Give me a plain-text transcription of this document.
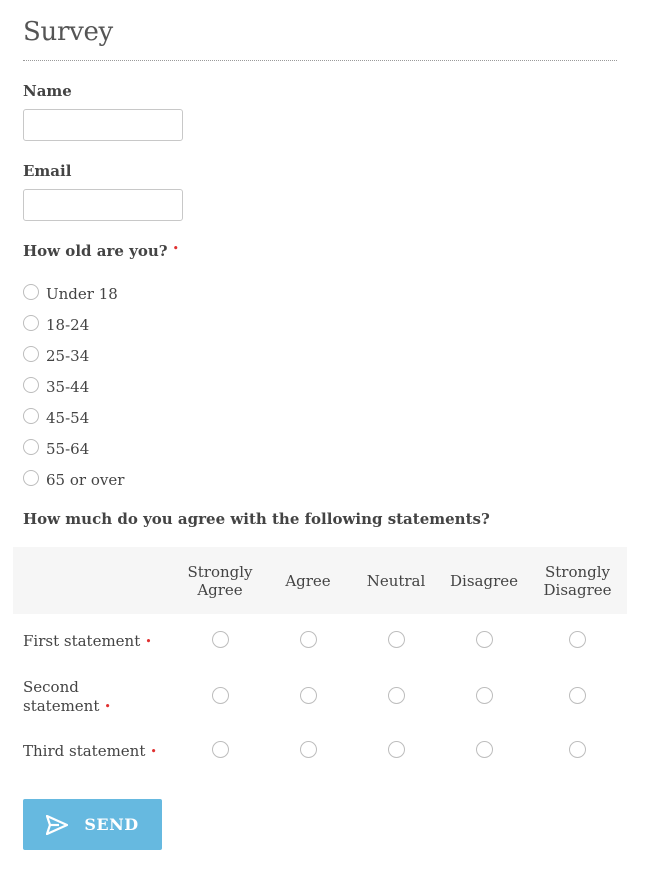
Survey
Name
Email
How old are you? •
Under 18
18-24
25-34
35-44
45-54
55-64
65 or over
How much do you agree with the following statements?
	Strongly Agree	Agree	Neutral	Disagree	Strongly Disagree
First statement •					
Second statement •					
Third statement •					
SEND
